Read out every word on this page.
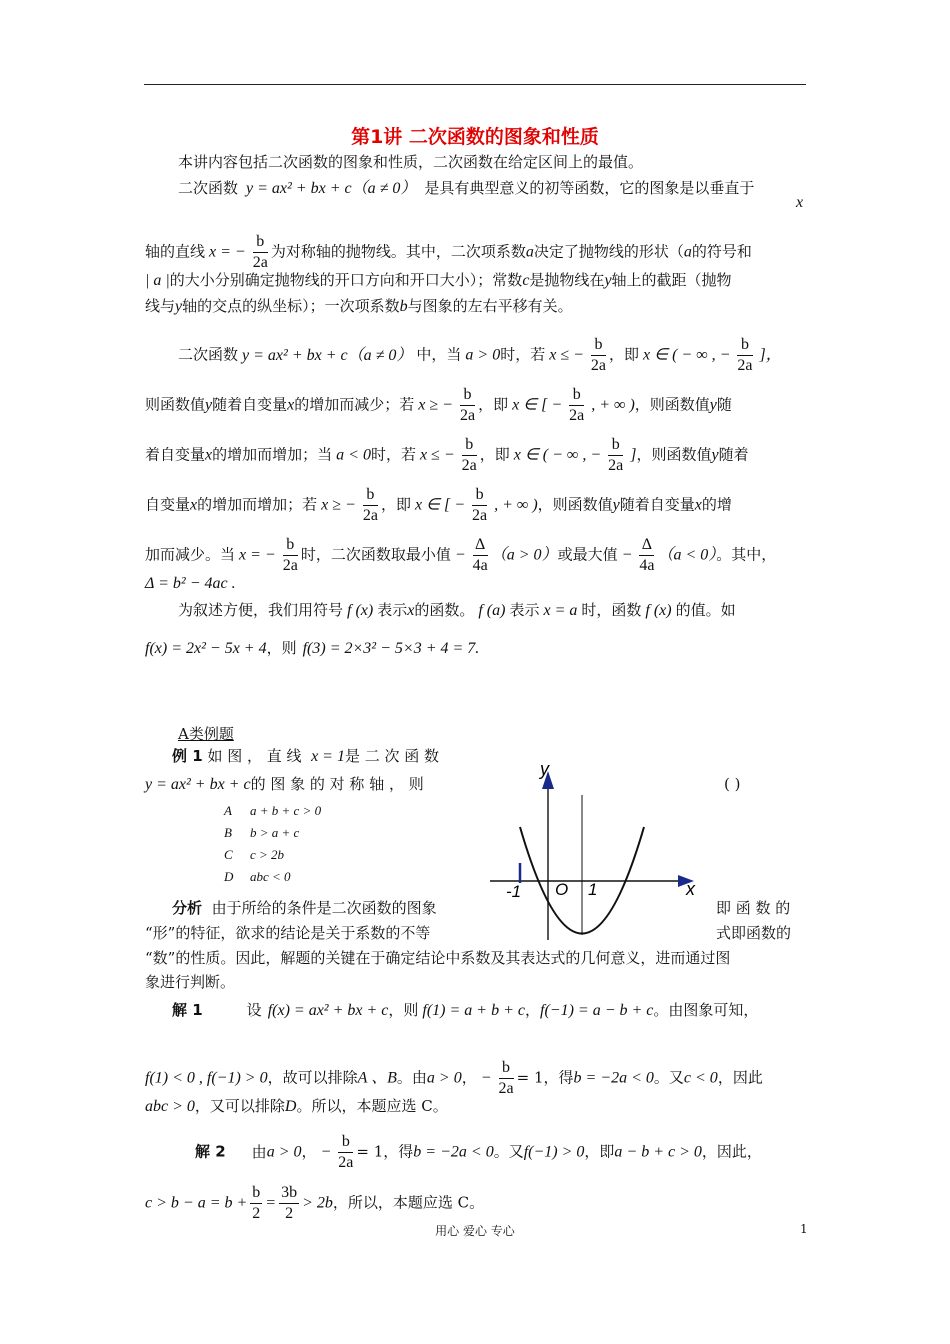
第1讲 二次函数的图象和性质
本讲内容包括二次函数的图象和性质，二次函数在给定区间上的最值。
二次函数 y = ax² + bx + c（a ≠ 0） 是具有典型意义的初等函数，它的图象是以垂直于
x
轴的直线 x = − $\frac{b}{2a}$ 为对称轴的抛物线。其中，二次项系数a决定了抛物线的形状（a的符号和
| a |的大小分别确定抛物线的开口方向和开口大小）；常数c是抛物线在y轴上的截距（抛物
线与y轴的交点的纵坐标）；一次项系数b与图象的左右平移有关。
二次函数 y = ax² + bx + c（a ≠ 0） 中，当 a > 0时，若 x ≤ − $\frac{b}{2a}$ ，即 x ∈ ( − ∞ , − $\frac{b}{2a}$ ]，
则函数值y随着自变量x的增加而减少；若 x ≥ − $\frac{b}{2a}$ ，即 x ∈ [ − $\frac{b}{2a}$ , + ∞ )，则函数值y随
着自变量x的增加而增加；当 a < 0时，若 x ≤ − $\frac{b}{2a}$ ，即 x ∈ ( − ∞ , − $\frac{b}{2a}$ ]，则函数值y随着
自变量x的增加而增加；若 x ≥ − $\frac{b}{2a}$ ，即 x ∈ [ − $\frac{b}{2a}$ , + ∞ )，则函数值y随着自变量x的增
加而减少。当 x = − $\frac{b}{2a}$ 时，二次函数取最小值 − $\frac{\Delta}{4a} (a > 0)$或最大值 − $\frac{\Delta}{4a} (a < 0)$。其中，
Δ = b² − 4ac .
为叙述方便，我们用符号 f (x) 表示x的函数。 f (a) 表示 x = a 时，函数 f (x) 的值。如
f(x) = 2x² − 5x + 4，则 f(3) = 2×3² − 5×3 + 4 = 7.
A类例题
例 1 如 图 ， 直 线 x = 1是 二 次 函 数
y = ax² + bx + c的 图 象 的 对 称 轴 ， 则	( )
A a + b + c > 0
B b > a + c
C c > 2b
D abc < 0
y
x
O
-1	1
分析 由于所给的条件是二次函数的图象	即 函 数 的
“形”的特征，欲求的结论是关于系数的不等	式即函数的
“数”的性质。因此，解题的关键在于确定结论中系数及其表达式的几何意义，进而通过图
象进行判断。
解 1	设 f(x) = ax² + bx + c，则 f(1) = a + b + c，f(−1) = a − b + c。由图象可知，
f(1) < 0 , f(−1) > 0，故可以排除A 、B。由a > 0， − $\frac{b}{2a} = 1$，得b = −2a < 0。又c < 0，因此
abc > 0，又可以排除D。所以，本题应选 C。
解 2 由a > 0， − $\frac{b}{2a} = 1$，得b = −2a < 0。又f(−1) > 0，即a − b + c > 0，因此，
$c > b - a = b + \frac{b}{2} = \frac{3b}{2} > 2b$，所以，本题应选 C。
用心 爱心 专心	1
